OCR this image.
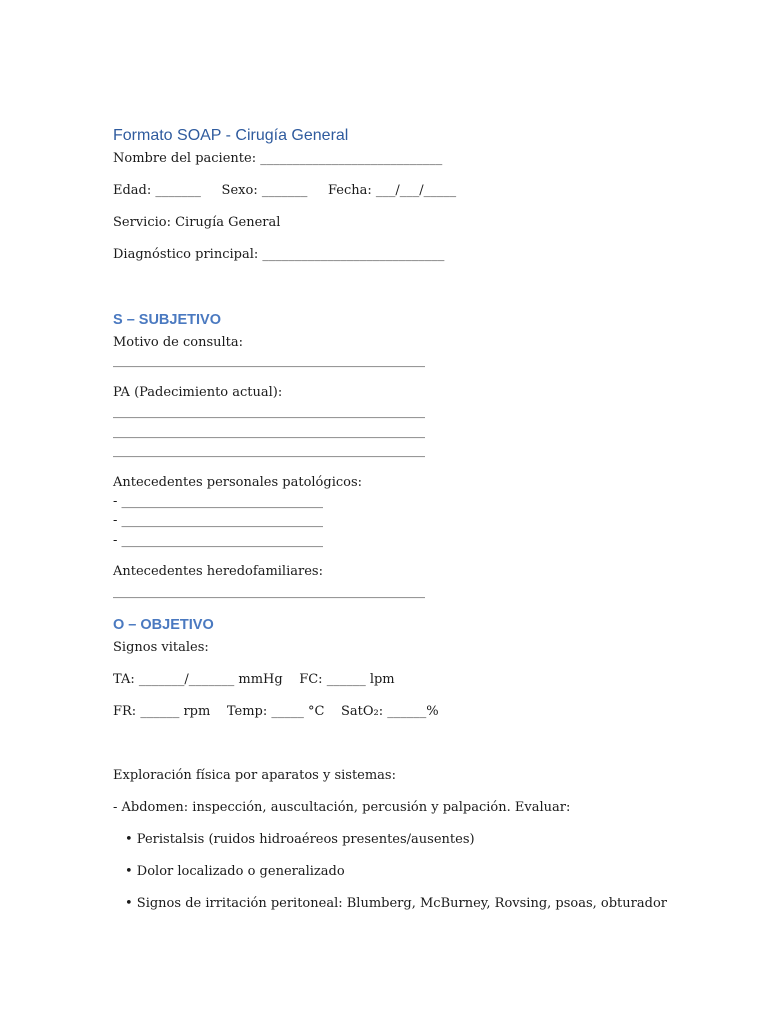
Formato SOAP - Cirugía General
Nombre del paciente: ____________________________
Edad: _______     Sexo: _______     Fecha: ___/___/_____
Servicio: Cirugía General
Diagnóstico principal: ____________________________
S – SUBJETIVO
Motivo de consulta:
________________________________________________
PA (Padecimiento actual):
________________________________________________
________________________________________________
________________________________________________
Antecedentes personales patológicos:
- _______________________________
- _______________________________
- _______________________________
Antecedentes heredofamiliares:
________________________________________________
O – OBJETIVO
Signos vitales:
TA: _______/_______ mmHg    FC: ______ lpm
FR: ______ rpm    Temp: _____ °C    SatO₂: ______%
Exploración física por aparatos y sistemas:
- Abdomen: inspección, auscultación, percusión y palpación. Evaluar:
• Peristalsis (ruidos hidroaéreos presentes/ausentes)
• Dolor localizado o generalizado
• Signos de irritación peritoneal: Blumberg, McBurney, Rovsing, psoas, obturador
